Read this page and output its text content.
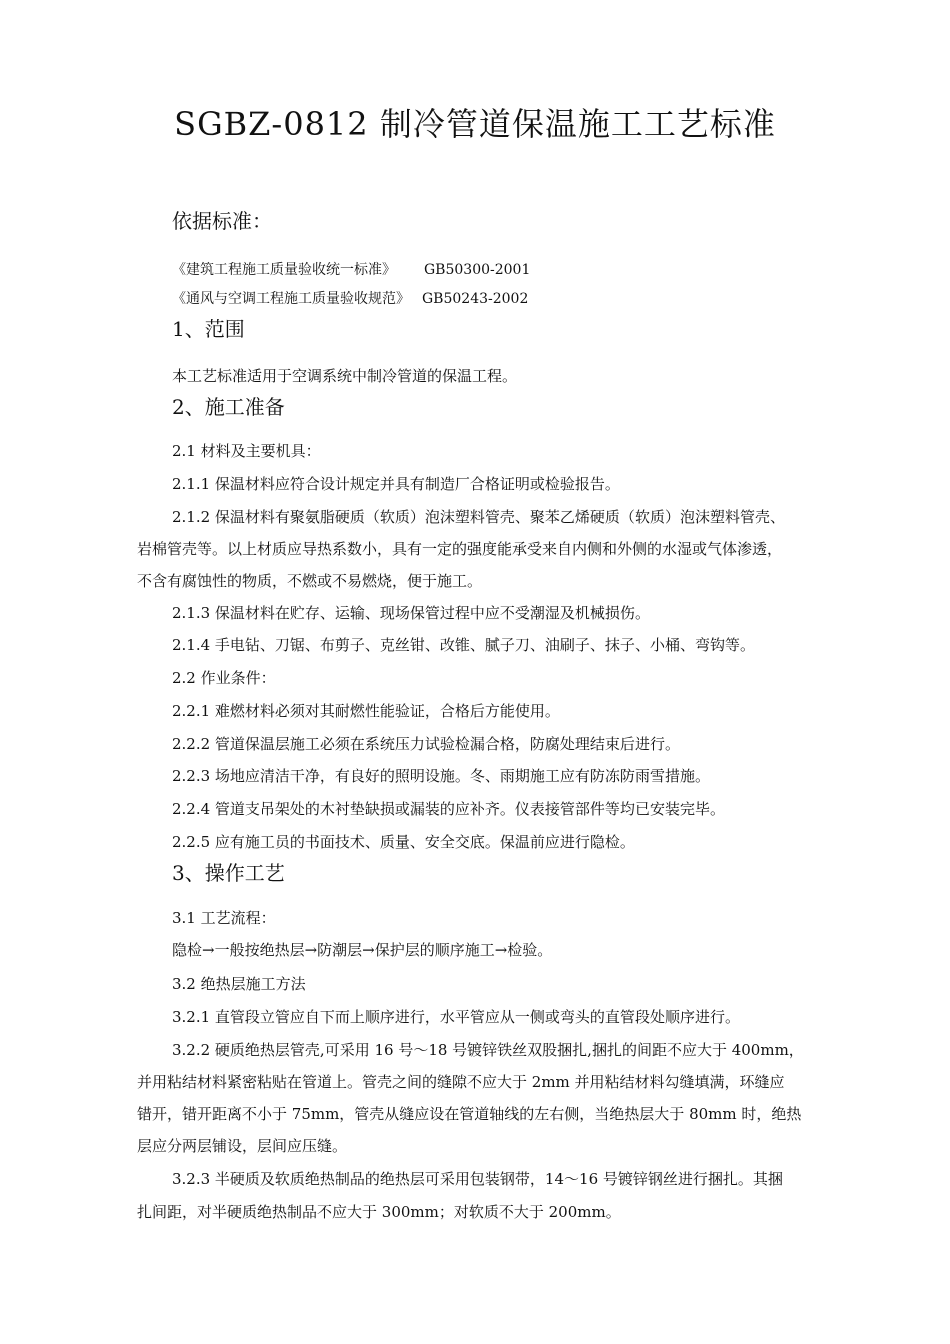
SGBZ-0812 制冷管道保温施工工艺标准
依据标准：
《建筑工程施工质量验收统一标准》 GB50300-2001
《通风与空调工程施工质量验收规范》 GB50243-2002
1、范围
本工艺标准适用于空调系统中制冷管道的保温工程。
2、施工准备
2.1 材料及主要机具：
2.1.1 保温材料应符合设计规定并具有制造厂合格证明或检验报告。
2.1.2 保温材料有聚氨脂硬质（软质）泡沫塑料管壳、聚苯乙烯硬质（软质）泡沫塑料管壳、
岩棉管壳等。以上材质应导热系数小，具有一定的强度能承受来自内侧和外侧的水湿或气体渗透，
不含有腐蚀性的物质，不燃或不易燃烧，便于施工。
2.1.3 保温材料在贮存、运输、现场保管过程中应不受潮湿及机械损伤。
2.1.4 手电钻、刀锯、布剪子、克丝钳、改锥、腻子刀、油刷子、抹子、小桶、弯钩等。
2.2 作业条件：
2.2.1 难燃材料必须对其耐燃性能验证，合格后方能使用。
2.2.2 管道保温层施工必须在系统压力试验检漏合格，防腐处理结束后进行。
2.2.3 场地应清洁干净，有良好的照明设施。冬、雨期施工应有防冻防雨雪措施。
2.2.4 管道支吊架处的木衬垫缺损或漏装的应补齐。仪表接管部件等均已安装完毕。
2.2.5 应有施工员的书面技术、质量、安全交底。保温前应进行隐检。
3、操作工艺
3.1 工艺流程：
隐检→一般按绝热层→防潮层→保护层的顺序施工→检验。
3.2 绝热层施工方法
3.2.1 直管段立管应自下而上顺序进行，水平管应从一侧或弯头的直管段处顺序进行。
3.2.2 硬质绝热层管壳,可采用 16 号～18 号镀锌铁丝双股捆扎,捆扎的间距不应大于 400mm，
并用粘结材料紧密粘贴在管道上。管壳之间的缝隙不应大于 2mm 并用粘结材料勾缝填满，环缝应
错开，错开距离不小于 75mm，管壳从缝应设在管道轴线的左右侧，当绝热层大于 80mm 时，绝热
层应分两层铺设，层间应压缝。
3.2.3 半硬质及软质绝热制品的绝热层可采用包装钢带，14～16 号镀锌钢丝进行捆扎。其捆
扎间距，对半硬质绝热制品不应大于 300mm；对软质不大于 200mm。
